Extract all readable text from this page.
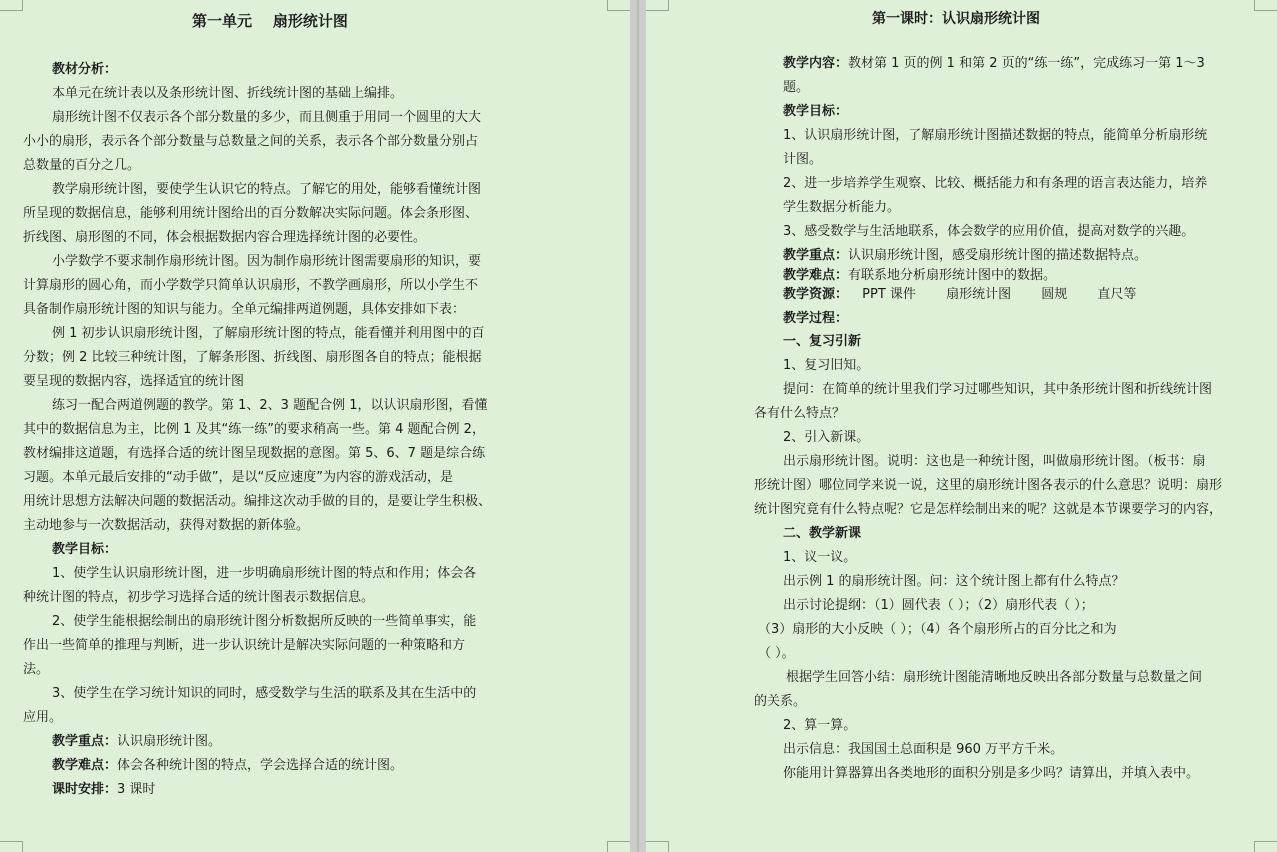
第一单元    扇形统计图
教材分析：
本单元在统计表以及条形统计图、折线统计图的基础上编排。
扇形统计图不仅表示各个部分数量的多少，而且侧重于用同一个圆里的大大
小小的扇形，表示各个部分数量与总数量之间的关系，表示各个部分数量分别占
总数量的百分之几。
教学扇形统计图，要使学生认识它的特点。了解它的用处，能够看懂统计图
所呈现的数据信息，能够利用统计图给出的百分数解决实际问题。体会条形图、
折线图、扇形图的不同，体会根据数据内容合理选择统计图的必要性。
小学数学不要求制作扇形统计图。因为制作扇形统计图需要扇形的知识，要
计算扇形的圆心角，而小学数学只简单认识扇形，不教学画扇形，所以小学生不
具备制作扇形统计图的知识与能力。全单元编排两道例题，具体安排如下表：
例 1 初步认识扇形统计图，了解扇形统计图的特点，能看懂并利用图中的百
分数；例 2 比较三种统计图，了解条形图、折线图、扇形图各自的特点；能根据
要呈现的数据内容，选择适宜的统计图
练习一配合两道例题的教学。第 1、2、3 题配合例 1，以认识扇形图，看懂
其中的数据信息为主，比例 1 及其“练一练”的要求稍高一些。第 4 题配合例 2，
教材编排这道题，有选择合适的统计图呈现数据的意图。第 5、6、7 题是综合练
习题。本单元最后安排的“动手做”，是以“反应速度”为内容的游戏活动，是
用统计思想方法解决问题的数据活动。编排这次动手做的目的，是要让学生积极、
主动地参与一次数据活动，获得对数据的新体验。
教学目标：
1、使学生认识扇形统计图，进一步明确扇形统计图的特点和作用；体会各
种统计图的特点，初步学习选择合适的统计图表示数据信息。
2、使学生能根据绘制出的扇形统计图分析数据所反映的一些简单事实，能
作出一些简单的推理与判断，进一步认识统计是解决实际问题的一种策略和方
法。
3、使学生在学习统计知识的同时，感受数学与生活的联系及其在生活中的
应用。
教学重点：认识扇形统计图。
教学难点：体会各种统计图的特点，学会选择合适的统计图。
课时安排：3 课时
第一课时：认识扇形统计图
教学内容：教材第 1 页的例 1 和第 2 页的“练一练”，完成练习一第 1～3
题。
教学目标：
1、认识扇形统计图，了解扇形统计图描述数据的特点，能简单分析扇形统
计图。
2、进一步培养学生观察、比较、概括能力和有条理的语言表达能力，培养
学生数据分析能力。
3、感受数学与生活地联系，体会数学的应用价值，提高对数学的兴趣。
教学重点：认识扇形统计图，感受扇形统计图的描述数据特点。
教学难点：有联系地分析扇形统计图中的数据。
教学资源： PPT 课件 扇形统计图 圆规 直尺等
教学过程：
一、复习引新
1、复习旧知。
提问：在简单的统计里我们学习过哪些知识，其中条形统计图和折线统计图
各有什么特点？
2、引入新课。
出示扇形统计图。说明：这也是一种统计图，叫做扇形统计图。（板书：扇
形统计图）哪位同学来说一说，这里的扇形统计图各表示的什么意思？说明：扇形
统计图究竟有什么特点呢？它是怎样绘制出来的呢？这就是本节课要学习的内容，
二、教学新课
1、议一议。
出示例 1 的扇形统计图。问：这个统计图上都有什么特点？
出示讨论提纲：（1）圆代表（ ）；（2）扇形代表（ ）；
（3）扇形的大小反映（ ）；（4）各个扇形所占的百分比之和为
（ ）。
根据学生回答小结：扇形统计图能清晰地反映出各部分数量与总数量之间
的关系。
2、算一算。
出示信息：我国国土总面积是 960 万平方千米。
你能用计算器算出各类地形的面积分别是多少吗？请算出，并填入表中。
